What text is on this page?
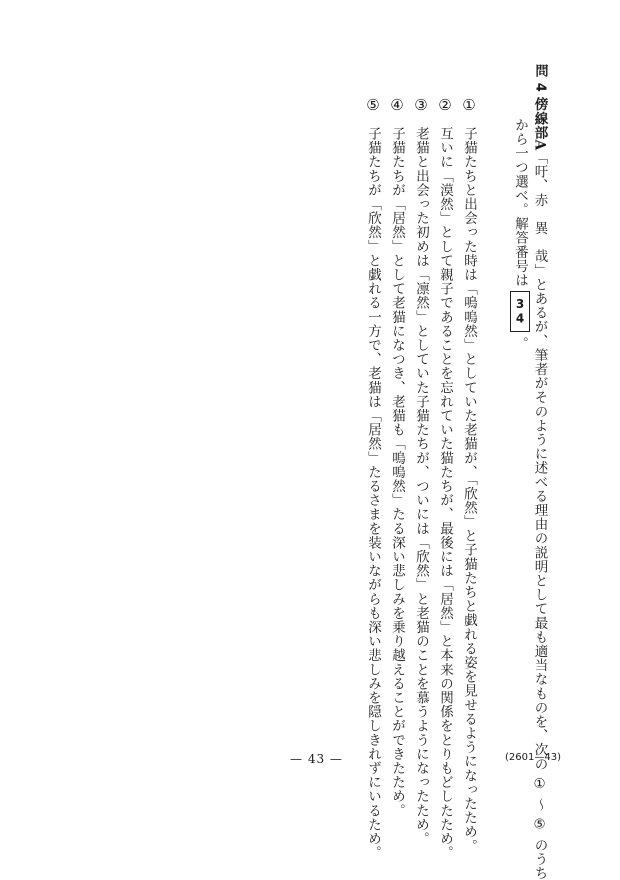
問 4 傍線部A「吁、赤　異　哉」とあるが、筆者がそのように述べる理由の説明として最も適当なものを、次の ① ～ ⑤ のうち
から一つ選べ。解答番号は34。
①子猫たちと出会った時は「嗚嗚然」としていた老猫が、「欣然」と子猫たちと戯れる姿を見せるようになったため。
②互いに「漠然」として親子であることを忘れていた猫たちが、最後には「居然」と本来の関係をとりもどしたため。
③老猫と出会った初めは「凛然」としていた子猫たちが、ついには「欣然」と老猫のことを慕うようになったため。
④子猫たちが「居然」として老猫になつき、老猫も「嗚嗚然」たる深い悲しみを乗り越えることができたため。
⑤子猫たちが「欣然」と戯れる一方で、老猫は「居然」たるさまを装いながらも深い悲しみを隠しきれずにいるため。
— 43 —	(2601—43)
